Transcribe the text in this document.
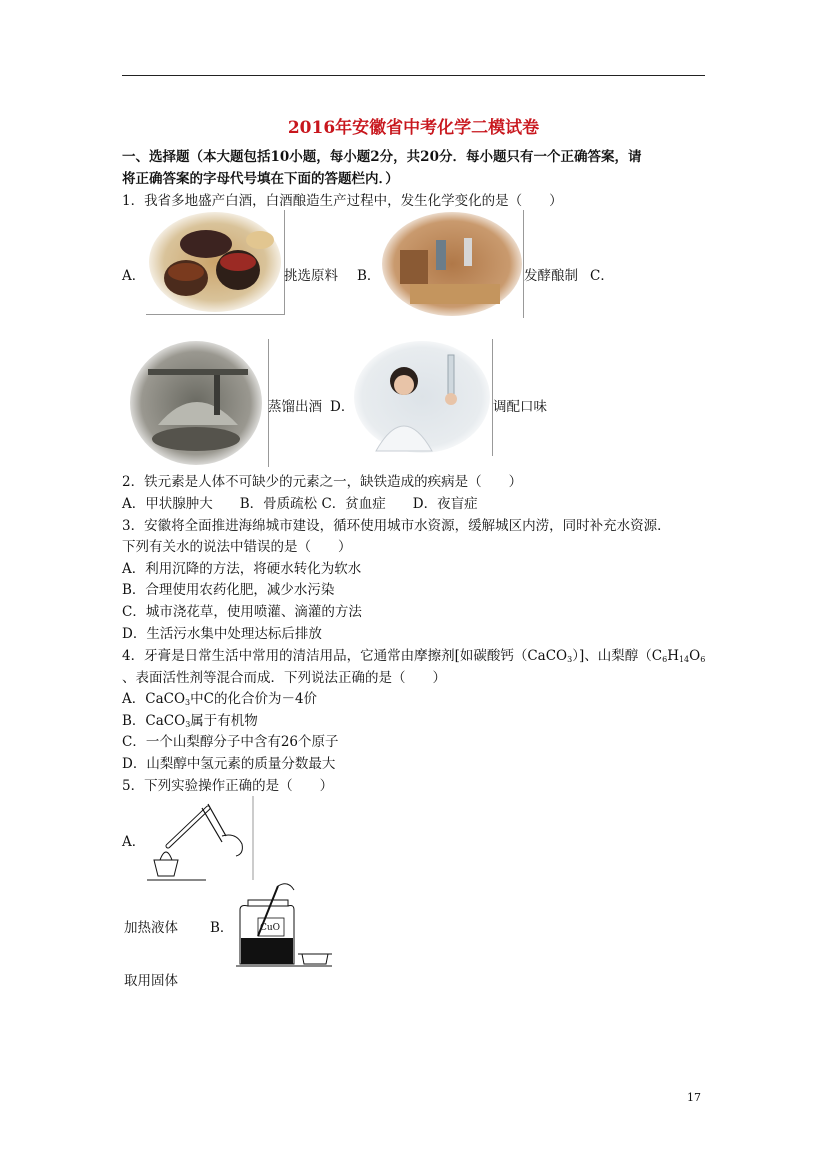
2016年安徽省中考化学二模试卷
一、选择题（本大题包括10小题，每小题2分，共20分．每小题只有一个正确答案，请
将正确答案的字母代号填在下面的答题栏内．）
1．我省多地盛产白酒，白酒酿造生产过程中，发生化学变化的是（　　）
A．	挑选原料 B．	发酵酿制 C．
蒸馏出酒 D．	调配口味
2．铁元素是人体不可缺少的元素之一，缺铁造成的疾病是（　　）
A．甲状腺肿大　　B．骨质疏松 C．贫血症　　D．夜盲症
3．安徽将全面推进海绵城市建设，循环使用城市水资源，缓解城区内涝，同时补充水资源．
下列有关水的说法中错误的是（　　）
A．利用沉降的方法，将硬水转化为软水
B．合理使用农药化肥，减少水污染
C．城市浇花草，使用喷灌、滴灌的方法
D．生活污水集中处理达标后排放
4．牙膏是日常生活中常用的清洁用品，它通常由摩擦剂[如碳酸钙（CaCO$_3$）]、山梨醇（$C_6H_{14}O_6$
、表面活性剂等混合而成．下列说法正确的是（　　）
A．CaCO$_3$中C的化合价为－4价
B．CaCO$_3$属于有机物
C．一个山梨醇分子中含有26个原子
D．山梨醇中氢元素的质量分数最大
5．下列实验操作正确的是（　　）
A．
加热液体 B．	CuO
取用固体
17
